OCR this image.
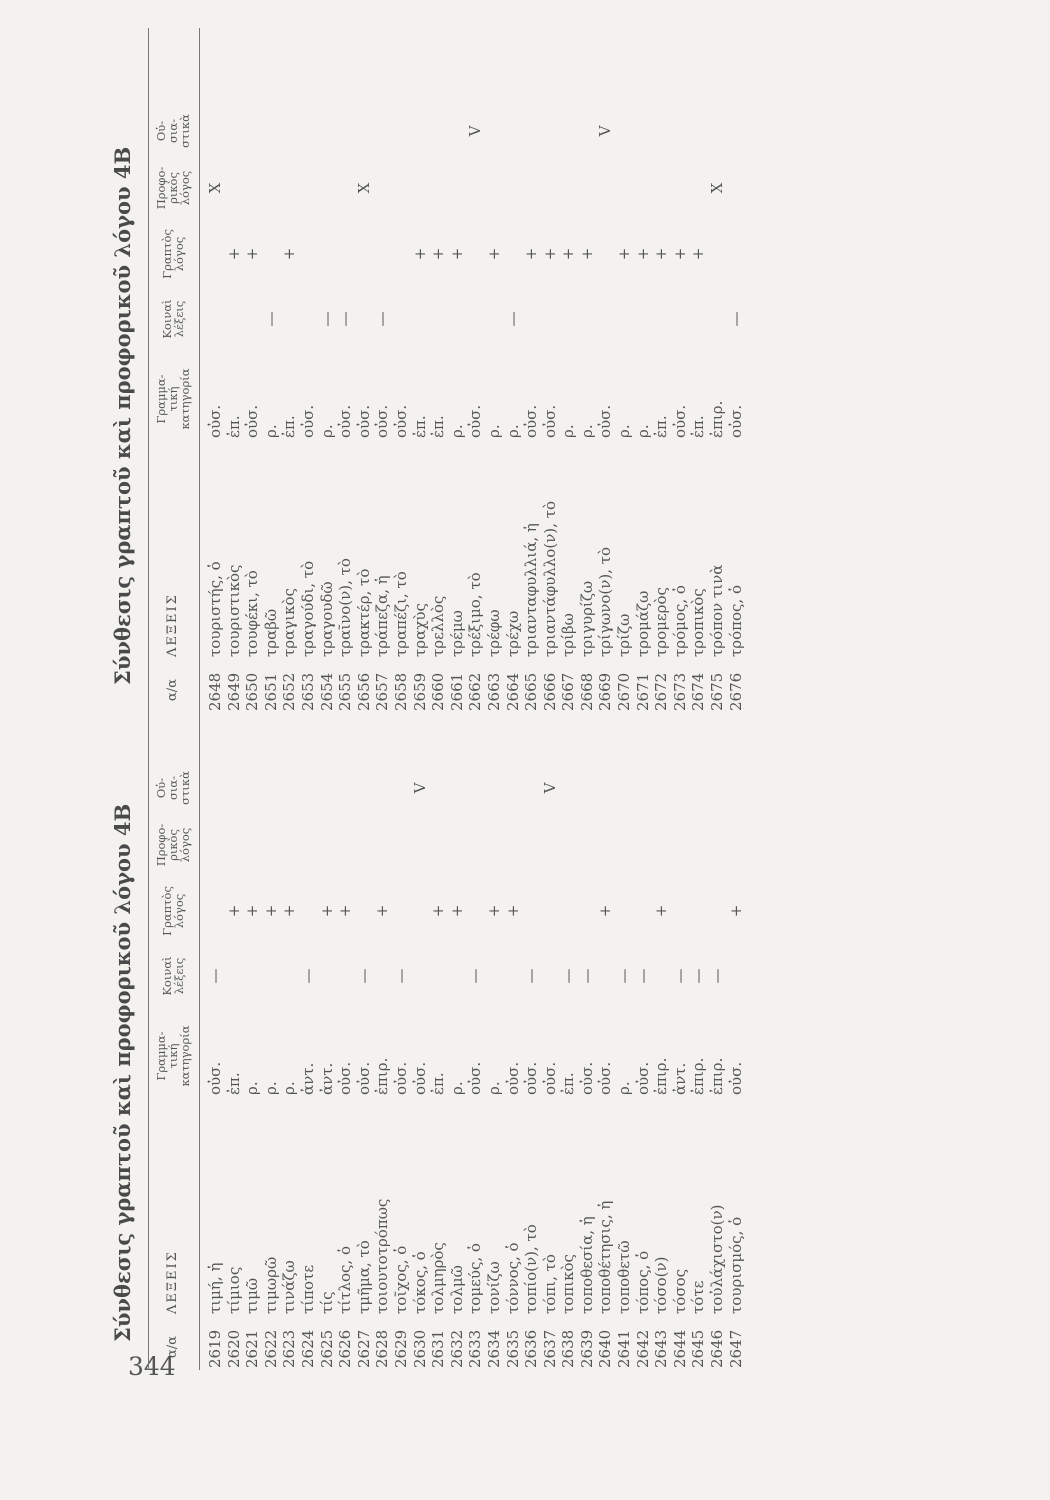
344
Σύνθεσις γραπτοῦ καὶ προφορικοῦ λόγου 4B
α/α
ΛΕΞΕΙΣ
Γραμμα-
τική
κατηγορία
Κοιναὶ
λέξεις
Γραπτὸς
λόγος
Προφο-
ρικὸς
λόγος
Οὐ-
σια-
στικὰ
2619
τιμή, ἡ
οὐσ.
—
2620
τίμιος
ἐπ.
+
2621
τιμῶ
ρ.
+
2622
τιμωρῶ
ρ.
+
2623
τινάζω
ρ.
+
2624
τίποτε
ἀντ.
—
2625
τίς
ἀντ.
+
2626
τίτλος, ὁ
οὐσ.
+
2627
τμῆμα, τὸ
οὐσ.
—
2628
τοιουτοτρόπως
ἐπιρ.
+
2629
τοῖχος, ὁ
οὐσ.
—
2630
τόκος, ὁ
οὐσ.
V
2631
τολμηρὸς
ἐπ.
+
2632
τολμῶ
ρ.
+
2633
τομεύς, ὁ
οὐσ.
—
2634
τονίζω
ρ.
+
2635
τόννος, ὁ
οὐσ.
+
2636
τοπίο(ν), τὸ
οὐσ.
—
2637
τόπι, τὸ
οὐσ.
V
2638
τοπικὸς
ἐπ.
—
2639
τοποθεσία, ἡ
οὐσ.
—
2640
τοποθέτησις, ἡ
οὐσ.
+
2641
τοποθετῶ
ρ.
—
2642
τόπος, ὁ
οὐσ.
—
2643
τόσο(ν)
ἐπιρ.
+
2644
τόσος
ἀντ.
—
2645
τότε
ἐπιρ.
—
2646
τοὐλάχιστο(ν)
ἐπιρ.
—
2647
τουρισμός, ὁ
οὐσ.
+
Σύνθεσις γραπτοῦ καὶ προφορικοῦ λόγου 4B
α/α
ΛΕΞΕΙΣ
Γραμμα-
τική
κατηγορία
Κοιναὶ
λέξεις
Γραπτὸς
λόγος
Προφο-
ρικὸς
λόγος
Οὐ-
σια-
στικὰ
2648
τουριστής, ὁ
οὐσ.
X
2649
τουριστικὸς
ἐπ.
+
2650
τουφέκι, τὸ
οὐσ.
+
2651
τραβῶ
ρ.
—
2652
τραγικὸς
ἐπ.
+
2653
τραγούδι, τὸ
οὐσ.
2654
τραγουδῶ
ρ.
—
2655
τραῖνο(ν), τὸ
οὐσ.
—
2656
τρακτέρ, τὸ
οὐσ.
X
2657
τράπεζα, ἡ
οὐσ.
—
2658
τραπέζι, τὸ
οὐσ.
2659
τραχὺς
ἐπ.
+
2660
τρελλὸς
ἐπ.
+
2661
τρέμω
ρ.
+
2662
τρέξιμο, τὸ
οὐσ.
V
2663
τρέφω
ρ.
+
2664
τρέχω
ρ.
—
2665
τριανταφυλλιά, ἡ
οὐσ.
+
2666
τριαντάφυλλο(ν), τὸ
οὐσ.
+
2667
τρίβω
ρ.
+
2668
τριγυρίζω
ρ.
+
2669
τρίγωνο(ν), τὸ
οὐσ.
V
2670
τρίζω
ρ.
+
2671
τρομάζω
ρ.
+
2672
τρομερὸς
ἐπ.
+
2673
τρόμος, ὁ
οὐσ.
+
2674
τροπικὸς
ἐπ.
+
2675
τρόπον τινὰ
ἐπιρ.
X
2676
τρόπος, ὁ
οὐσ.
—
